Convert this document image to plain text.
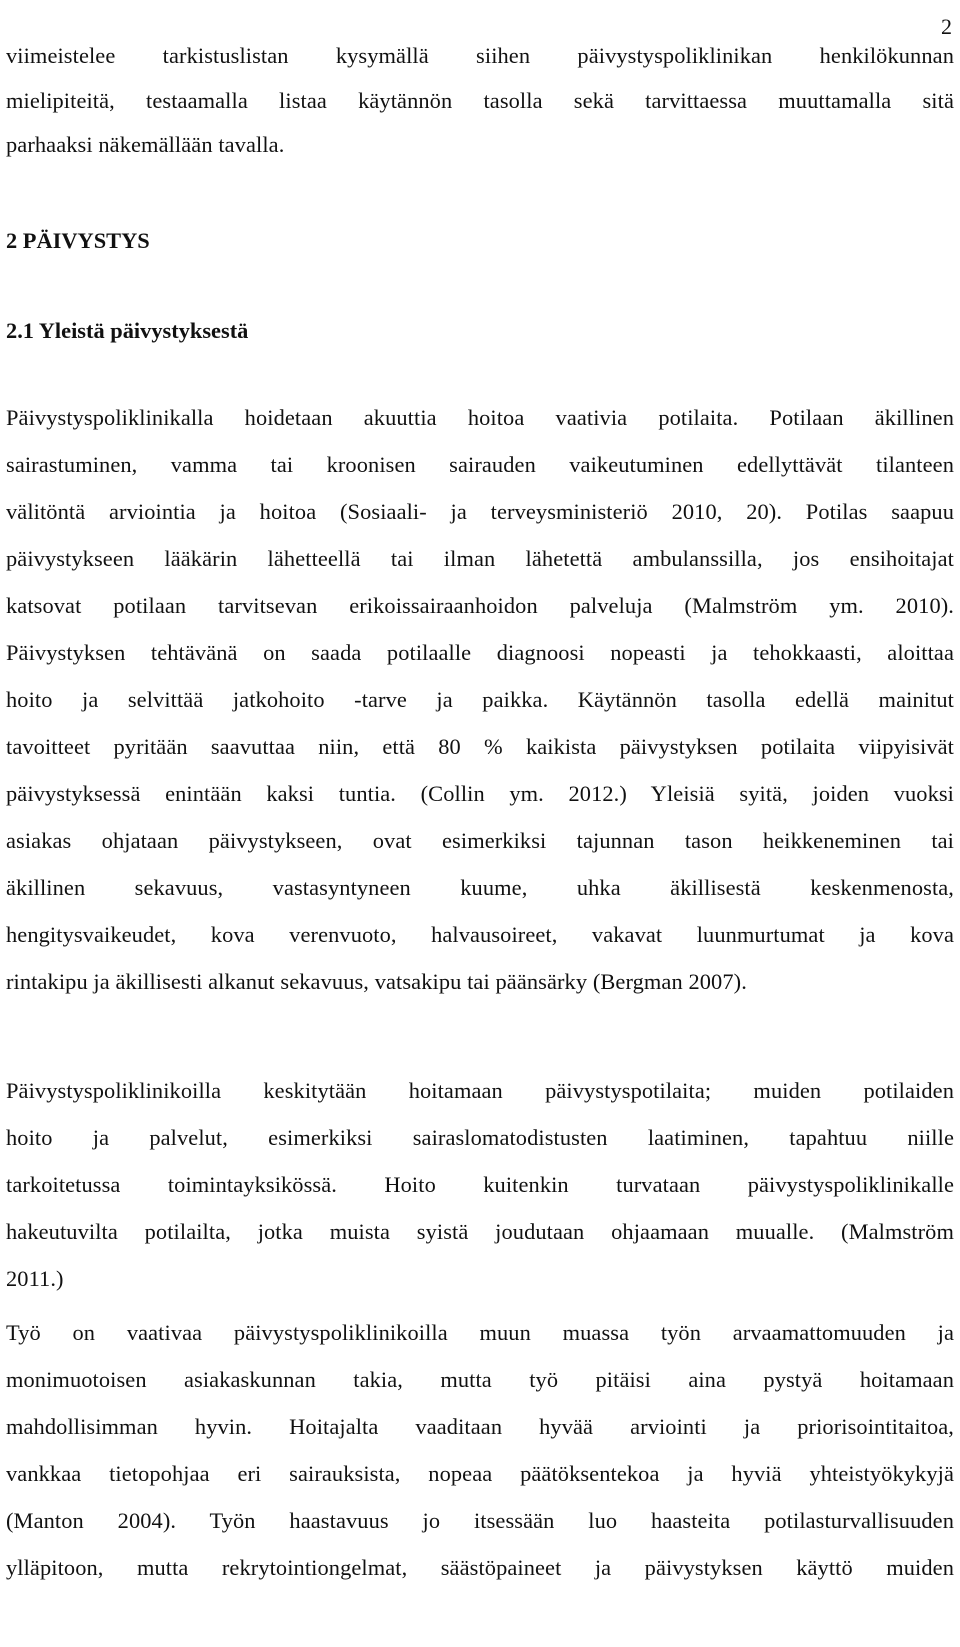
2
viimeistelee tarkistuslistan kysymällä siihen päivystyspoliklinikan henkilökunnan
mielipiteitä, testaamalla listaa käytännön tasolla sekä tarvittaessa muuttamalla sitä
parhaaksi näkemällään tavalla.
2 PÄIVYSTYS
2.1 Yleistä päivystyksestä
Päivystyspoliklinikalla hoidetaan akuuttia hoitoa vaativia potilaita. Potilaan äkillinen
sairastuminen, vamma tai kroonisen sairauden vaikeutuminen edellyttävät tilanteen
välitöntä arviointia ja hoitoa (Sosiaali- ja terveysministeriö 2010, 20). Potilas saapuu
päivystykseen lääkärin lähetteellä tai ilman lähetettä ambulanssilla, jos ensihoitajat
katsovat potilaan tarvitsevan erikoissairaanhoidon palveluja (Malmström ym. 2010).
Päivystyksen tehtävänä on saada potilaalle diagnoosi nopeasti ja tehokkaasti, aloittaa
hoito ja selvittää jatkohoito -tarve ja paikka. Käytännön tasolla edellä mainitut
tavoitteet pyritään saavuttaa niin, että 80 % kaikista päivystyksen potilaita viipyisivät
päivystyksessä enintään kaksi tuntia. (Collin ym. 2012.) Yleisiä syitä, joiden vuoksi
asiakas ohjataan päivystykseen, ovat esimerkiksi tajunnan tason heikkeneminen tai
äkillinen sekavuus, vastasyntyneen kuume, uhka äkillisestä keskenmenosta,
hengitysvaikeudet, kova verenvuoto, halvausoireet, vakavat luunmurtumat ja kova
rintakipu ja äkillisesti alkanut sekavuus, vatsakipu tai päänsärky (Bergman 2007).
Päivystyspoliklinikoilla keskitytään hoitamaan päivystyspotilaita; muiden potilaiden
hoito ja palvelut, esimerkiksi sairaslomatodistusten laatiminen, tapahtuu niille
tarkoitetussa toimintayksikössä. Hoito kuitenkin turvataan päivystyspoliklinikalle
hakeutuvilta potilailta, jotka muista syistä joudutaan ohjaamaan muualle. (Malmström
2011.)
Työ on vaativaa päivystyspoliklinikoilla muun muassa työn arvaamattomuuden ja
monimuotoisen asiakaskunnan takia, mutta työ pitäisi aina pystyä hoitamaan
mahdollisimman hyvin. Hoitajalta vaaditaan hyvää arviointi ja priorisointitaitoa,
vankkaa tietopohjaa eri sairauksista, nopeaa päätöksentekoa ja hyviä yhteistyökykyjä
(Manton 2004). Työn haastavuus jo itsessään luo haasteita potilasturvallisuuden
ylläpitoon, mutta rekrytointiongelmat, säästöpaineet ja päivystyksen käyttö muiden
